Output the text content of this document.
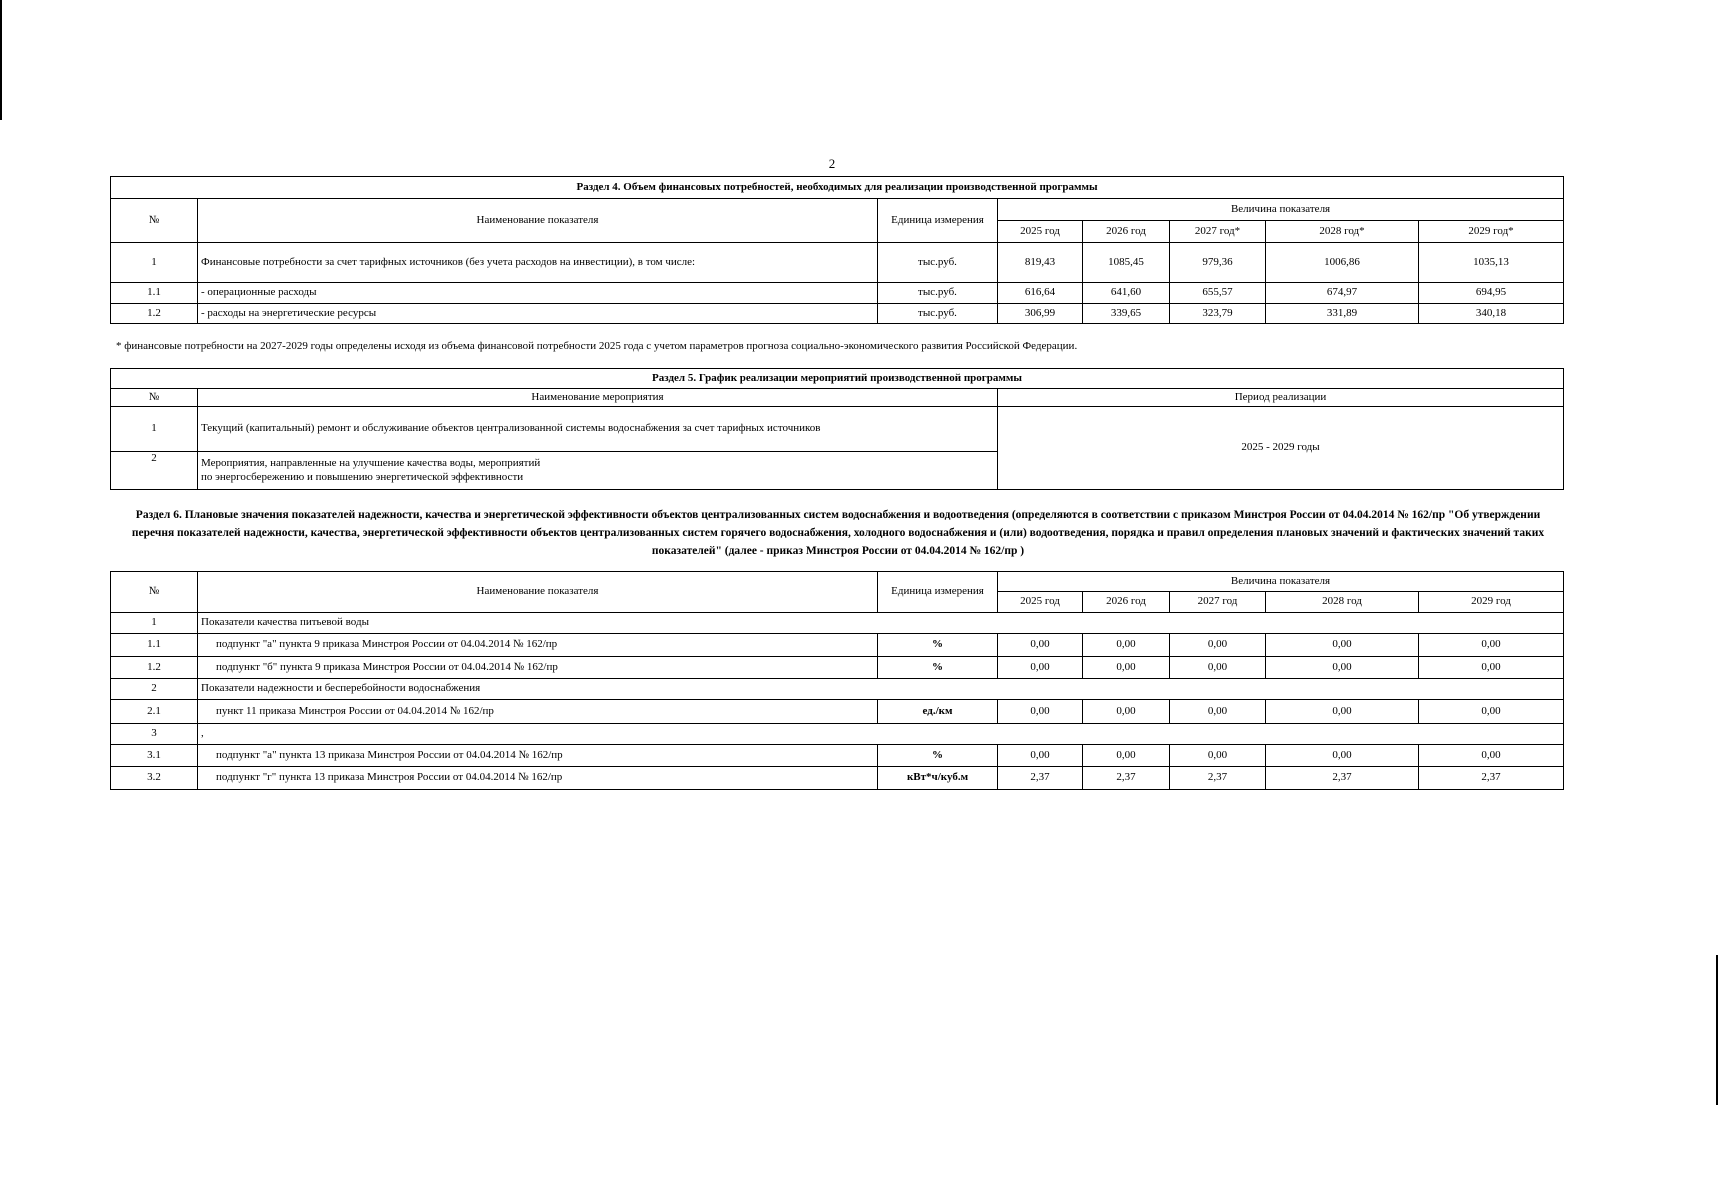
2
Раздел 4. Объем финансовых потребностей, необходимых для реализации производственной программы							
№	Наименование показателя	Единица измерения	Величина показателя				
			2025 год	2026 год	2027 год*	2028 год*	2029 год*
1	Финансовые потребности за счет тарифных источников (без учета расходов на инвестиции), в том числе:	тыс.руб.	819,43	1085,45	979,36	1006,86	1035,13
1.1	- операционные расходы	тыс.руб.	616,64	641,60	655,57	674,97	694,95
1.2	- расходы на энергетические ресурсы	тыс.руб.	306,99	339,65	323,79	331,89	340,18
* финансовые потребности на 2027-2029 годы определены исходя из объема финансовой потребности 2025 года с учетом параметров прогноза социально-экономического развития Российской Федерации.
Раздел 5. График реализации мероприятий производственной программы		
№	Наименование мероприятия	Период реализации
1	Текущий (капитальный) ремонт и обслуживание объектов централизованной системы водоснабжения за счет тарифных источников	2025 - 2029 годы
2	Мероприятия, направленные на улучшение качества воды, мероприятий
по энергосбережению и повышению энергетической эффективности	
Раздел 6. Плановые значения показателей надежности, качества и энергетической эффективности объектов централизованных систем водоснабжения и водоотведения (определяются в соответствии с приказом Минстроя России от 04.04.2014 № 162/пр "Об утверждении перечня показателей надежности, качества, энергетической эффективности объектов централизованных систем горячего водоснабжения, холодного водоснабжения и (или) водоотведения, порядка и правил определения плановых значений и фактических значений таких показателей" (далее - приказ Минстроя России от 04.04.2014 № 162/пр )
№	Наименование показателя	Единица измерения	Величина показателя				
			2025 год	2026 год	2027 год	2028 год	2029 год
1	Показатели качества питьевой воды						
1.1	подпункт "а" пункта 9 приказа Минстроя России от 04.04.2014 № 162/пр	%	0,00	0,00	0,00	0,00	0,00
1.2	подпункт "б" пункта 9 приказа Минстроя России от 04.04.2014 № 162/пр	%	0,00	0,00	0,00	0,00	0,00
2	Показатели надежности и бесперебойности водоснабжения						
2.1	пункт 11 приказа Минстроя России от 04.04.2014 № 162/пр	ед./км	0,00	0,00	0,00	0,00	0,00
3	,						
3.1	подпункт "а" пункта 13 приказа Минстроя России от 04.04.2014 № 162/пр	%	0,00	0,00	0,00	0,00	0,00
3.2	подпункт "г" пункта 13 приказа Минстроя России от 04.04.2014 № 162/пр	кВт*ч/куб.м	2,37	2,37	2,37	2,37	2,37
